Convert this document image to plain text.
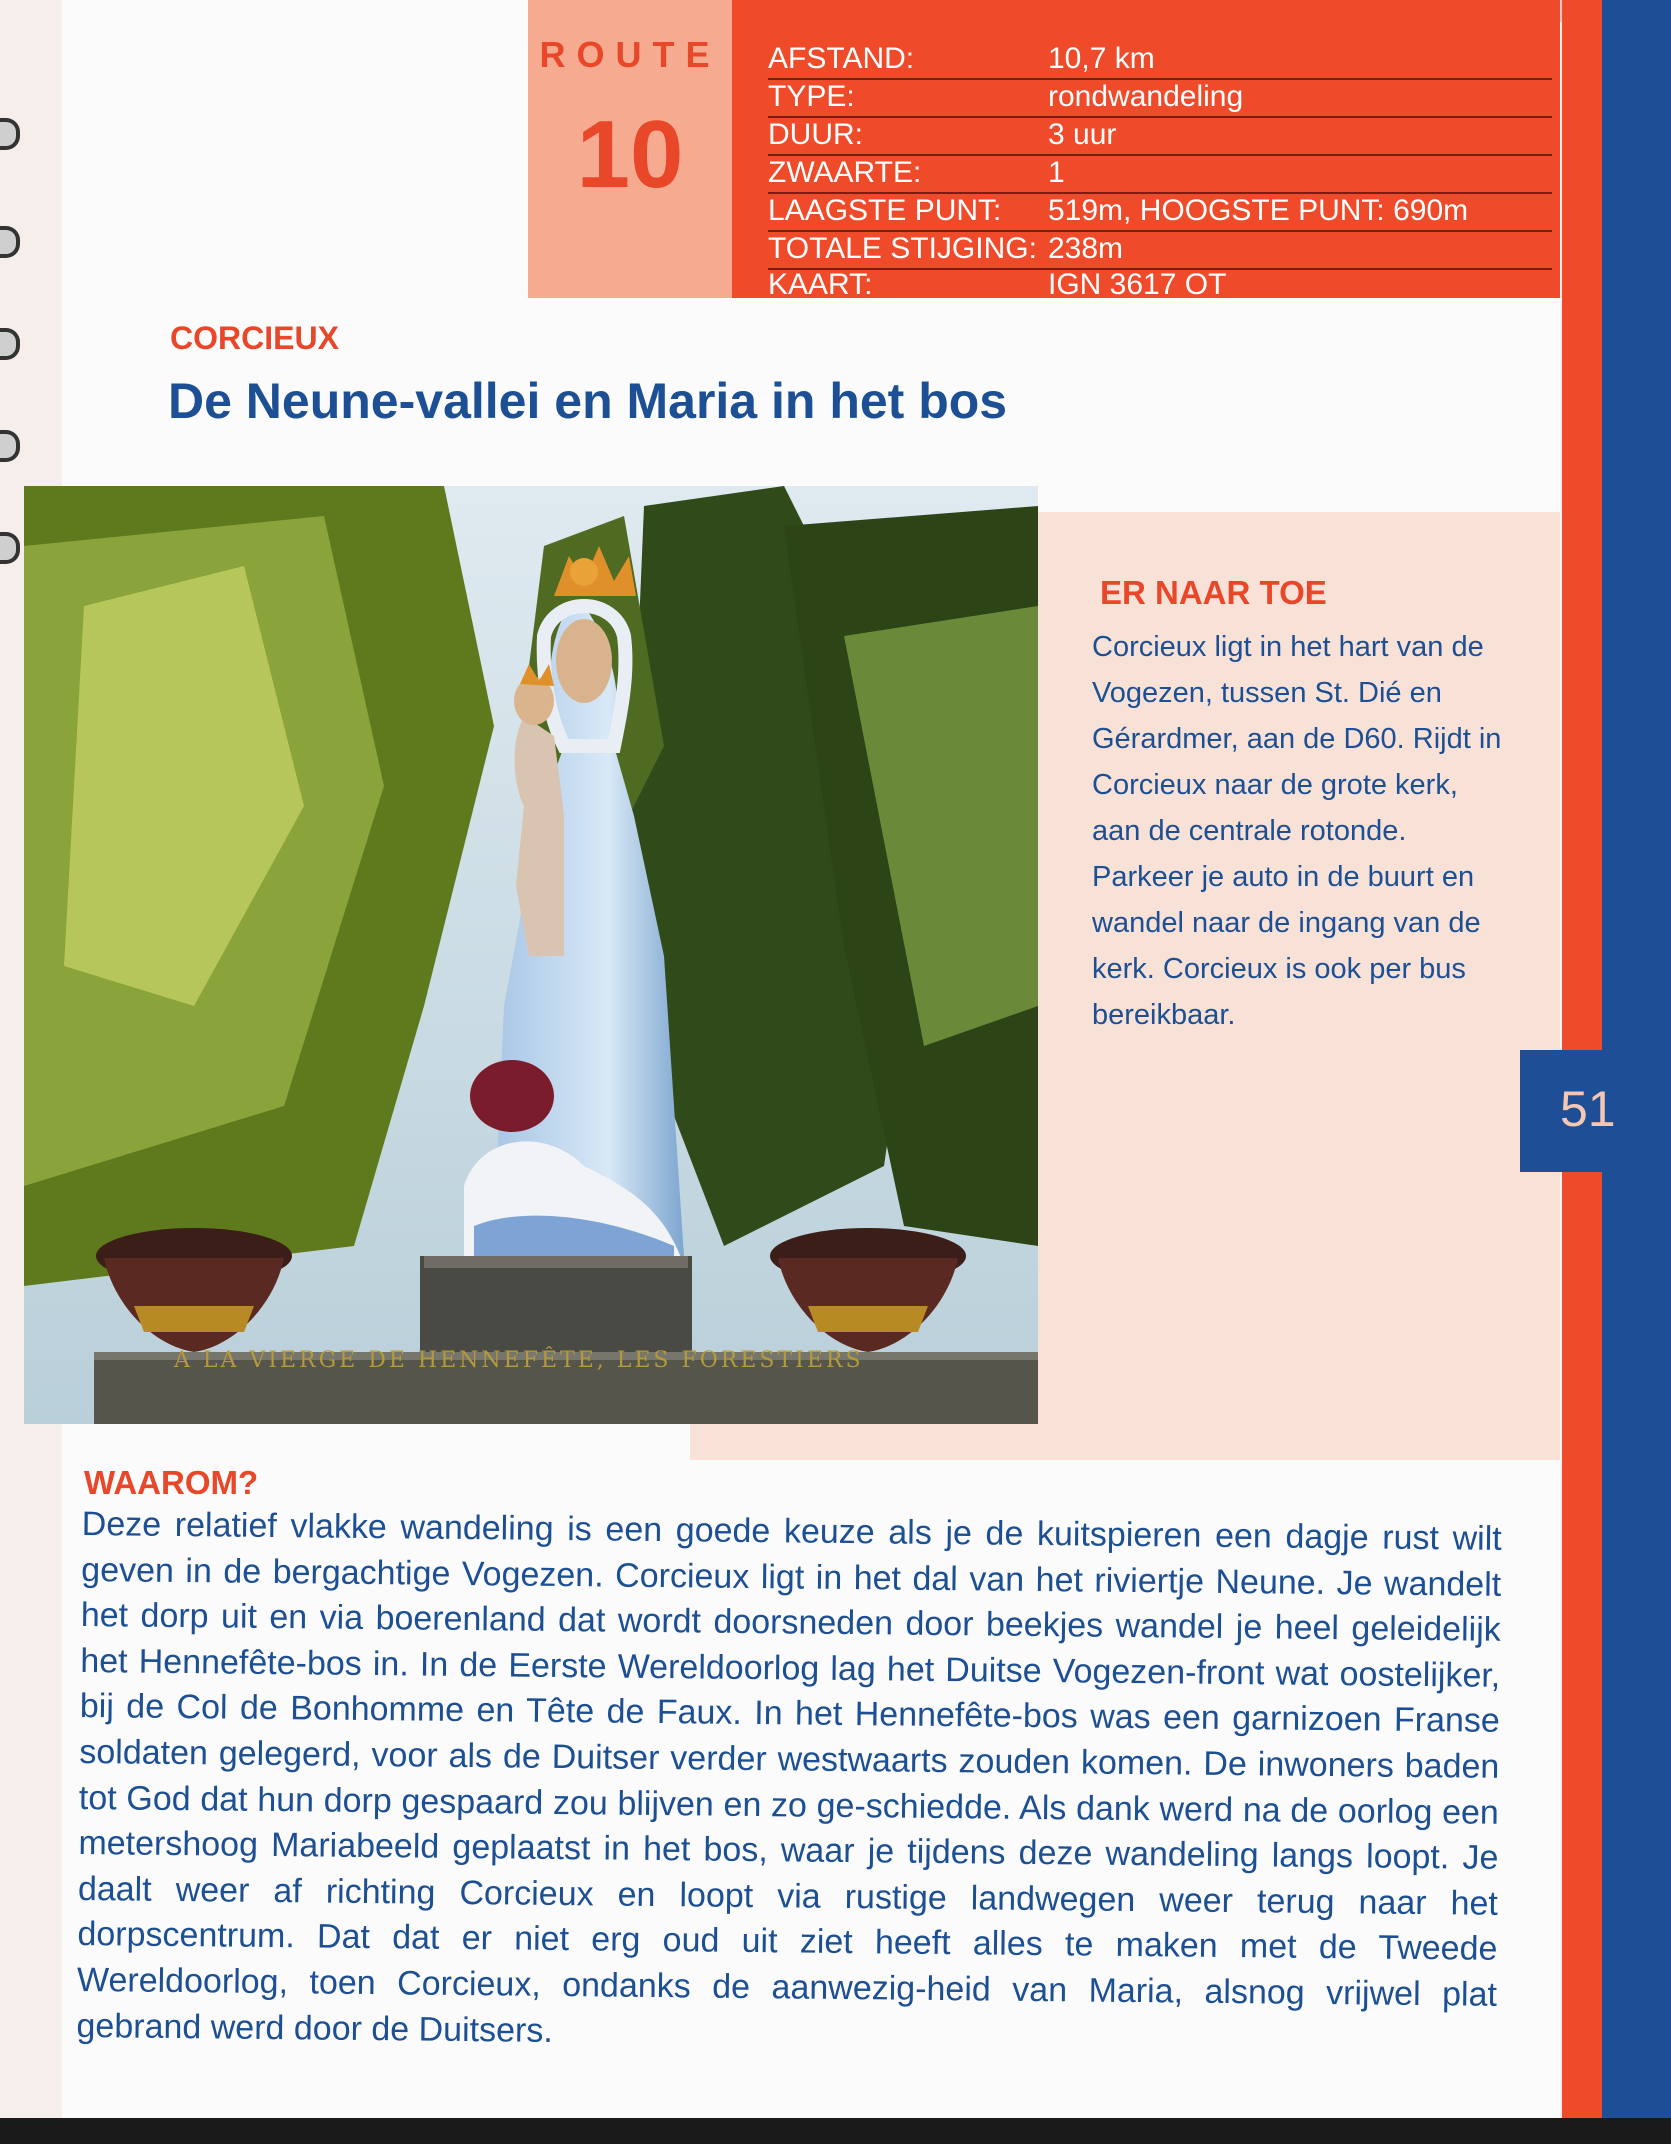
ROUTE
10
AFSTAND:	10,7 km
TYPE:	rondwandeling
DUUR:	3 uur
ZWAARTE:	1
LAAGSTE PUNT: 519m, HOOGSTE PUNT: 690m
TOTALE STIJGING: 238m
KAART:	IGN 3617 OT
CORCIEUX
De Neune-vallei en Maria in het bos
A LA VIERGE DE HENNEFÊTE, LES FORESTIERS
ER NAAR TOE
Corcieux ligt in het hart van de Vogezen, tussen St. Dié en Gérardmer, aan de D60. Rijdt in Corcieux naar de grote kerk, aan de centrale rotonde. Parkeer je auto in de buurt en wandel naar de ingang van de kerk. Corcieux is ook per bus bereikbaar.
51
WAAROM?
Deze relatief vlakke wandeling is een goede keuze als je de kuitspieren een dagje rust wilt geven in de bergachtige Vogezen. Corcieux ligt in het dal van het riviertje Neune. Je wandelt het dorp uit en via boerenland dat wordt doorsneden door beekjes wandel je heel geleidelijk het Hennefête-bos in. In de Eerste Wereldoorlog lag het Duitse Vogezen-front wat oostelijker, bij de Col de Bonhomme en Tête de Faux. In het Hennefête-bos was een garnizoen Franse soldaten gelegerd, voor als de Duitser verder westwaarts zouden komen. De inwoners baden tot God dat hun dorp gespaard zou blijven en zo ge-schiedde. Als dank werd na de oorlog een metershoog Mariabeeld geplaatst in het bos, waar je tijdens deze wandeling langs loopt. Je daalt weer af richting Corcieux en loopt via rustige landwegen weer terug naar het dorpscentrum. Dat dat er niet erg oud uit ziet heeft alles te maken met de Tweede Wereldoorlog, toen Corcieux, ondanks de aanwezig-heid van Maria, alsnog vrijwel plat gebrand werd door de Duitsers.
